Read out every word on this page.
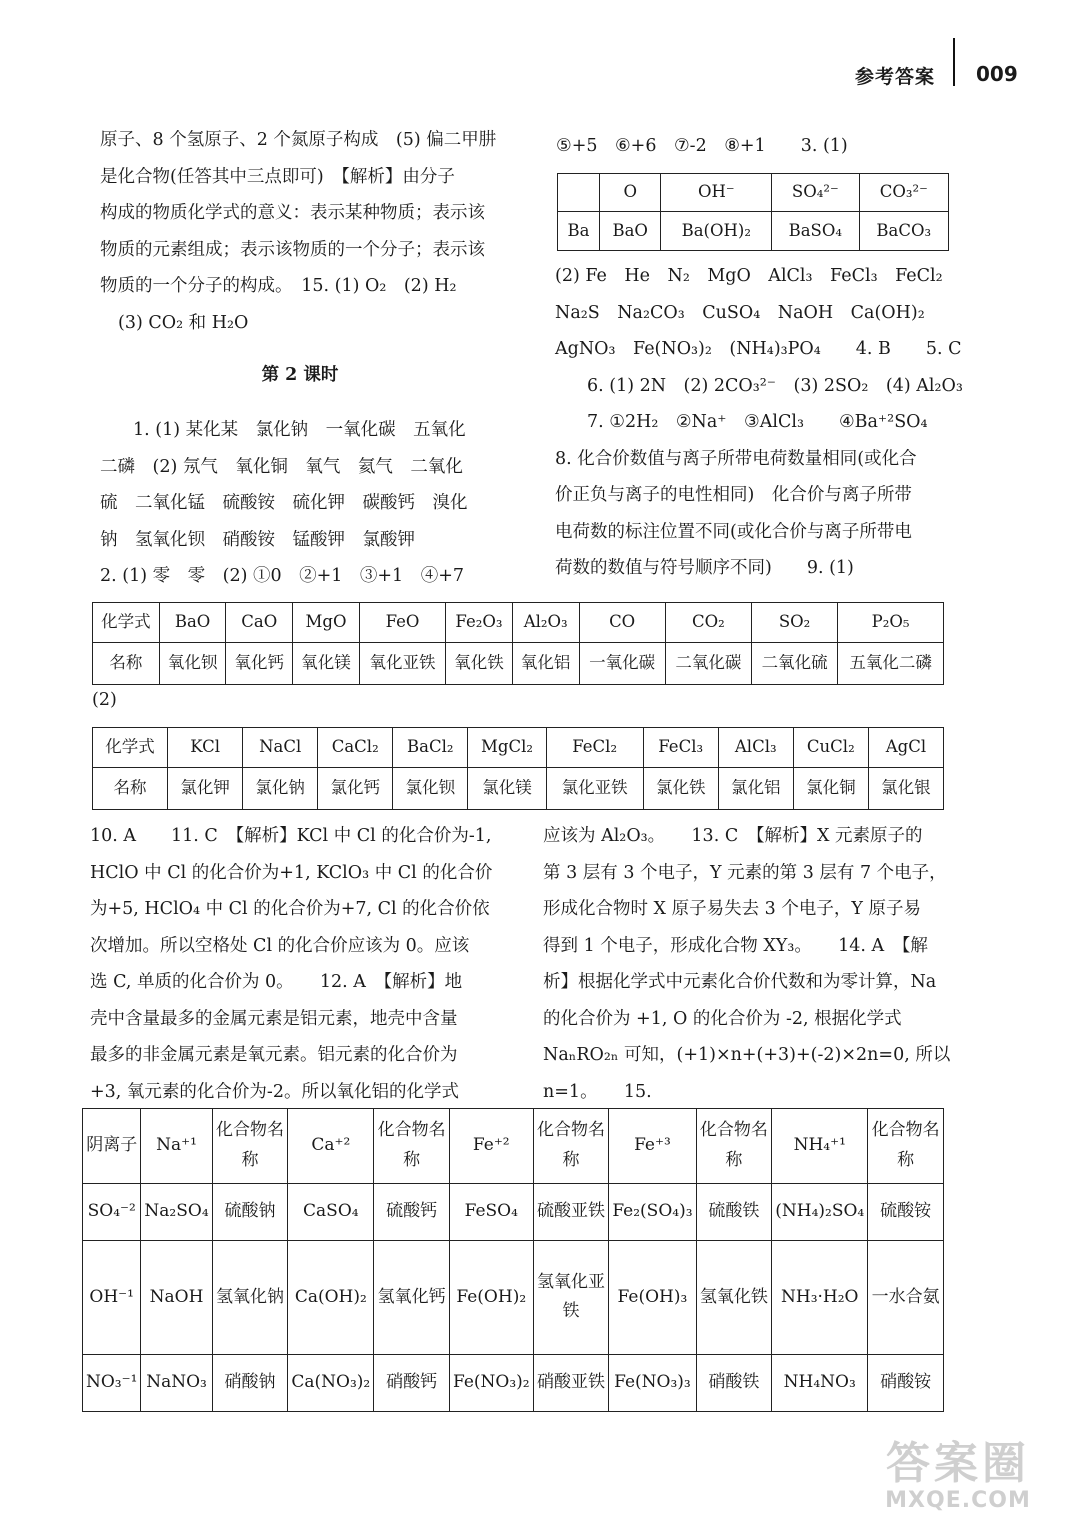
参考答案 009
原子、8 个氢原子、2 个氮原子构成　(5) 偏二甲肼
是化合物(任答其中三点即可)　【解析】由分子
构成的物质化学式的意义：表示某种物质；表示该
物质的元素组成；表示该物质的一个分子；表示该
物质的一个分子的构成。　15. (1) O₂　(2) H₂
(3) CO₂ 和 H₂O
第 2 课时
1. (1) 某化某　氯化钠　一氧化碳　五氧化
二磷　(2) 氖气　氧化铜　氧气　氦气　二氧化
硫　二氧化锰　硫酸铵　硫化钾　碳酸钙　溴化
钠　氢氧化钡　硝酸铵　锰酸钾　氯酸钾
2. (1) 零　零　(2) ①0　②+1　③+1　④+7
⑤+5　⑥+6　⑦-2　⑧+1　　3. (1)
	O	OH⁻	SO₄²⁻	CO₃²⁻
Ba	BaO	Ba(OH)₂	BaSO₄	BaCO₃
(2) Fe　He　N₂　MgO　AlCl₃　FeCl₃　FeCl₂
Na₂S　Na₂CO₃　CuSO₄　NaOH　Ca(OH)₂
AgNO₃　Fe(NO₃)₂　(NH₄)₃PO₄　　4. B　　5. C
6. (1) 2N　(2) 2CO₃²⁻　(3) 2SO₂　(4) Al₂O₃
7. ①2H₂　②Na⁺　③AlCl₃　　④Ba⁺²SO₄
8. 化合价数值与离子所带电荷数量相同(或化合
价正负与离子的电性相同)　化合价与离子所带
电荷数的标注位置不同(或化合价与离子所带电
荷数的数值与符号顺序不同)　　9. (1)
化学式	BaO	CaO	MgO	FeO	Fe₂O₃	Al₂O₃	CO	CO₂	SO₂	P₂O₅
名称	氧化钡	氧化钙	氧化镁	氧化亚铁	氧化铁	氧化铝	一氧化碳	二氧化碳	二氧化硫	五氧化二磷
(2)
化学式	KCl	NaCl	CaCl₂	BaCl₂	MgCl₂	FeCl₂	FeCl₃	AlCl₃	CuCl₂	AgCl
名称	氯化钾	氯化钠	氯化钙	氯化钡	氯化镁	氯化亚铁	氯化铁	氯化铝	氯化铜	氯化银
10. A　　11. C　【解析】KCl 中 Cl 的化合价为-1,
HClO 中 Cl 的化合价为+1, KClO₃ 中 Cl 的化合价
为+5, HClO₄ 中 Cl 的化合价为+7, Cl 的化合价依
次增加。所以空格处 Cl 的化合价应该为 0。应该
选 C, 单质的化合价为 0。　　12. A　【解析】地
壳中含量最多的金属元素是铝元素，地壳中含量
最多的非金属元素是氧元素。铝元素的化合价为
+3, 氧元素的化合价为-2。所以氧化铝的化学式
应该为 Al₂O₃。　　13. C　【解析】X 元素原子的
第 3 层有 3 个电子，Y 元素的第 3 层有 7 个电子，
形成化合物时 X 原子易失去 3 个电子，Y 原子易
得到 1 个电子，形成化合物 XY₃。　　14. A　【解
析】根据化学式中元素化合价代数和为零计算，Na
的化合价为 +1, O 的化合价为 -2, 根据化学式
NaₙRO₂ₙ 可知，(+1)×n+(+3)+(-2)×2n=0, 所以
n=1。　　15.
阴离子	Na⁺¹	化合物名称	Ca⁺²	化合物名称	Fe⁺²	化合物名称	Fe⁺³	化合物名称	NH₄⁺¹	化合物名称
SO₄⁻²	Na₂SO₄	硫酸钠	CaSO₄	硫酸钙	FeSO₄	硫酸亚铁	Fe₂(SO₄)₃	硫酸铁	(NH₄)₂SO₄	硫酸铵
OH⁻¹	NaOH	氢氧化钠	Ca(OH)₂	氢氧化钙	Fe(OH)₂	氢氧化亚铁	Fe(OH)₃	氢氧化铁	NH₃·H₂O	一水合氨
NO₃⁻¹	NaNO₃	硝酸钠	Ca(NO₃)₂	硝酸钙	Fe(NO₃)₂	硝酸亚铁	Fe(NO₃)₃	硝酸铁	NH₄NO₃	硝酸铵
答案圈
MXQE.COM
